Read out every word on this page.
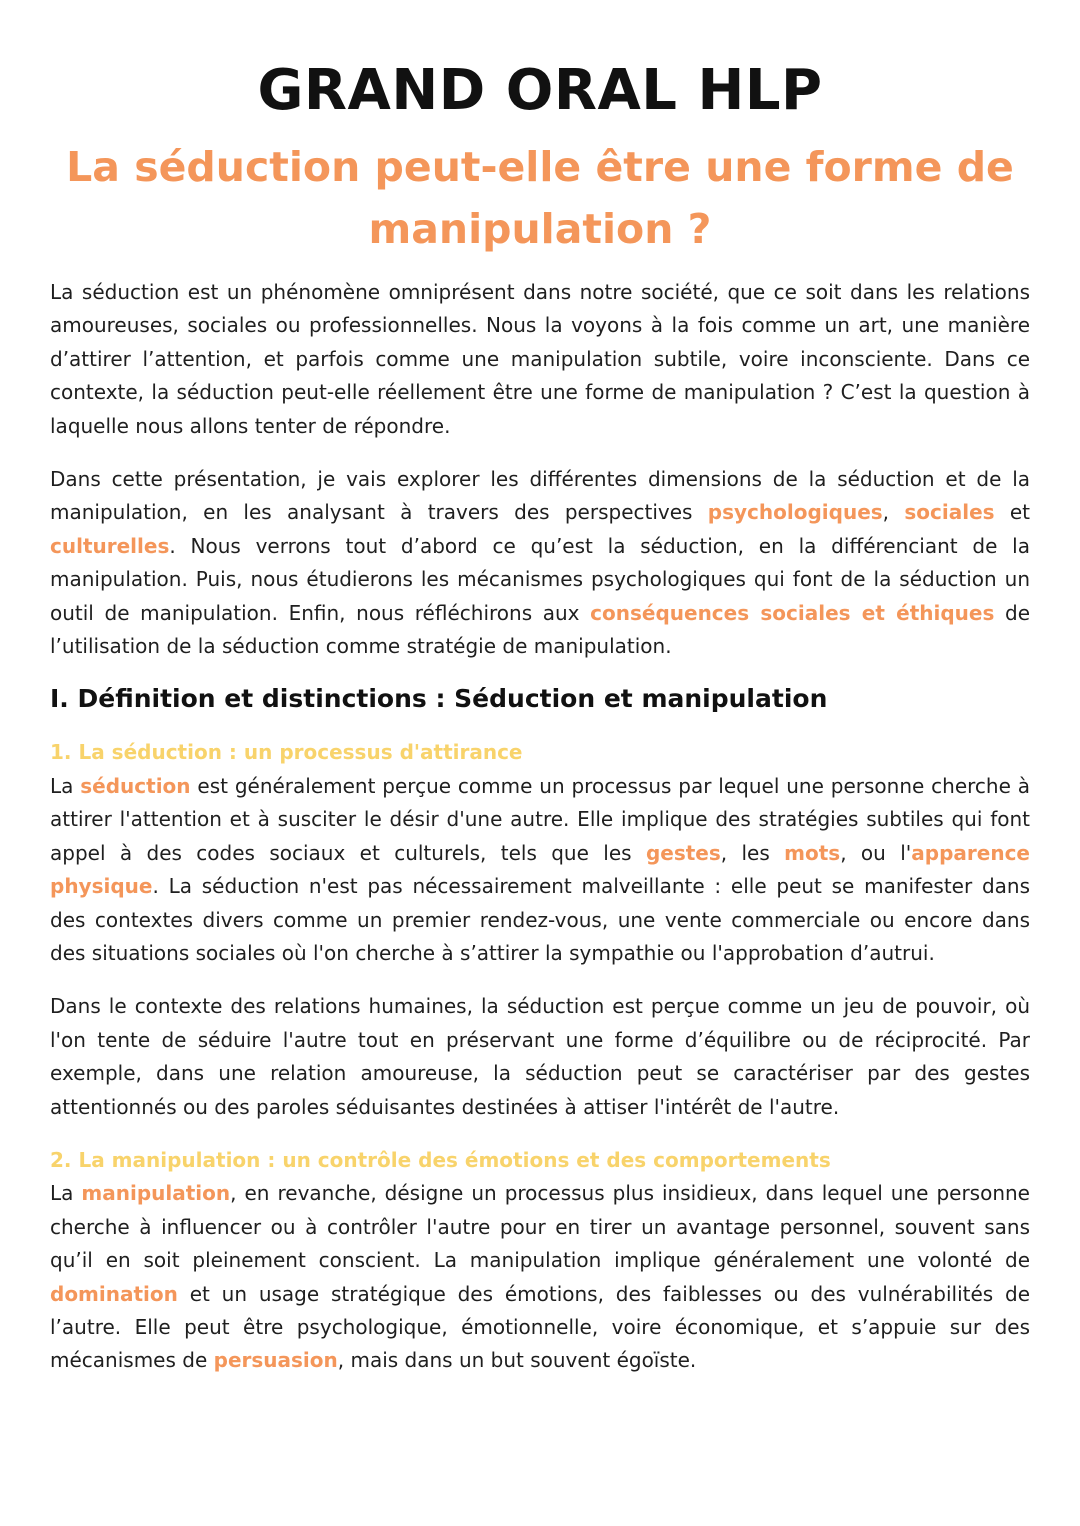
GRAND ORAL HLP
La séduction peut-elle être une forme de manipulation ?

La séduction est un phénomène omniprésent dans notre société, que ce soit dans les relations amoureuses, sociales ou professionnelles. Nous la voyons à la fois comme un art, une manière d’attirer l’attention, et parfois comme une manipulation subtile, voire inconsciente. Dans ce contexte, la séduction peut-elle réellement être une forme de manipulation ? C’est la question à laquelle nous allons tenter de répondre.

Dans cette présentation, je vais explorer les différentes dimensions de la séduction et de la manipulation, en les analysant à travers des perspectives psychologiques, sociales et culturelles. Nous verrons tout d’abord ce qu’est la séduction, en la différenciant de la manipulation. Puis, nous étudierons les mécanismes psychologiques qui font de la séduction un outil de manipulation. Enfin, nous réfléchirons aux conséquences sociales et éthiques de l’utilisation de la séduction comme stratégie de manipulation.

I. Définition et distinctions : Séduction et manipulation
1. La séduction : un processus d'attirance

La séduction est généralement perçue comme un processus par lequel une personne cherche à attirer l'attention et à susciter le désir d'une autre. Elle implique des stratégies subtiles qui font appel à des codes sociaux et culturels, tels que les gestes, les mots, ou l'apparence physique. La séduction n'est pas nécessairement malveillante : elle peut se manifester dans des contextes divers comme un premier rendez-vous, une vente commerciale ou encore dans des situations sociales où l'on cherche à s’attirer la sympathie ou l'approbation d’autrui.

Dans le contexte des relations humaines, la séduction est perçue comme un jeu de pouvoir, où l'on tente de séduire l'autre tout en préservant une forme d’équilibre ou de réciprocité. Par exemple, dans une relation amoureuse, la séduction peut se caractériser par des gestes attentionnés ou des paroles séduisantes destinées à attiser l'intérêt de l'autre.

2. La manipulation : un contrôle des émotions et des comportements

La manipulation, en revanche, désigne un processus plus insidieux, dans lequel une personne cherche à influencer ou à contrôler l'autre pour en tirer un avantage personnel, souvent sans qu’il en soit pleinement conscient. La manipulation implique généralement une volonté de domination et un usage stratégique des émotions, des faiblesses ou des vulnérabilités de l’autre. Elle peut être psychologique, émotionnelle, voire économique, et s’appuie sur des mécanismes de persuasion, mais dans un but souvent égoïste.
